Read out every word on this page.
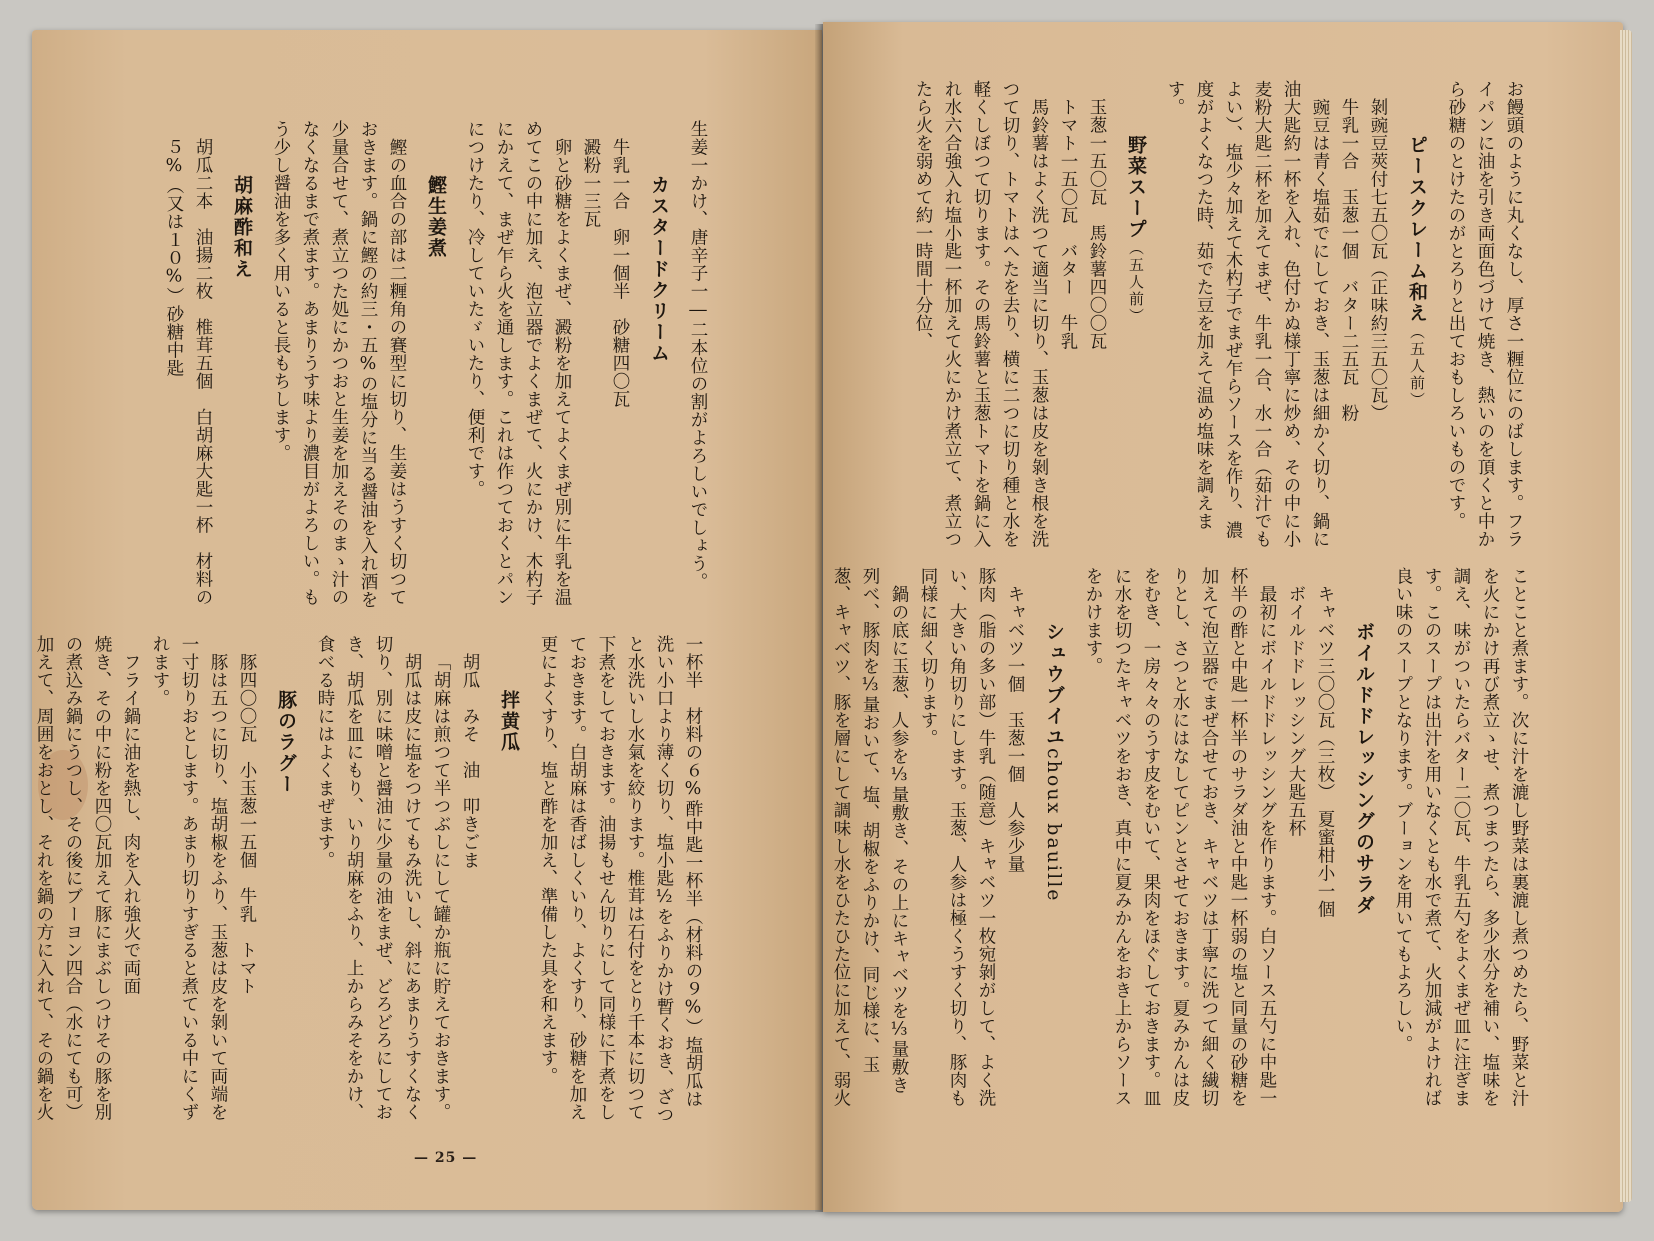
生姜一かけ、唐辛子一―二本位の割がよろしいでしょう。

カスタードクリーム

牛乳一合　卵一個半　砂糖四〇瓦

澱粉一三瓦

卵と砂糖をよくまぜ、澱粉を加えてよくまぜ別に牛乳を温めてこの中に加え、泡立器でよくまぜて、火にかけ、木杓子にかえて、まぜ乍ら火を通します。これは作つておくとパンにつけたり、冷していたゞいたり、便利です。

鰹生姜煮

鰹の血合の部は二糎角の賽型に切り、生姜はうすく切つておきます。鍋に鰹の約三・五%の塩分に当る醤油を入れ酒を少量合せて、煮立つた処にかつおと生姜を加えそのまゝ汁のなくなるまで煮ます。あまりうす味より濃目がよろしい。もう少し醤油を多く用いると長もちします。

胡麻酢和え

胡瓜二本　油揚二枚　椎茸五個　白胡麻大匙一杯　材料の５%（又は１０%）砂糖中匙

一杯半　材料の６%酢中匙一杯半（材料の９%）塩胡瓜は洗い小口より薄く切り、塩小匙½をふりかけ暫くおき、ざつと水洗いし水氣を絞ります。椎茸は石付をとり千本に切つて下煮をしておきます。油揚もせん切りにして同様に下煮をしておきます。白胡麻は香ばしくいり、よくすり、砂糖を加え更によくすり、塩と酢を加え、準備した具を和えます。

拌黄瓜

胡瓜　みそ　油　叩きごま

「胡麻は煎つて半つぶしにして罐か瓶に貯えておきます。

胡瓜は皮に塩をつけてもみ洗いし、斜にあまりうすくなく切り、別に味噌と醤油に少量の油をまぜ、どろどろにしておき、胡瓜を皿にもり、いり胡麻をふり、上からみそをかけ、食べる時にはよくまぜます。

豚のラグー

豚四〇〇瓦　小玉葱一五個　牛乳　トマト

豚は五つに切り、塩胡椒をふり、玉葱は皮を剝いて両端を一寸切りおとします。あまり切りすぎると煮ている中にくずれます。

フライ鍋に油を熱し、肉を入れ強火で両面

焼き、その中に粉を四〇瓦加えて豚にまぶしつけその豚を別の煮込み鍋にうつし、その後にブーヨン四合（水にても可）加えて、周囲をおとし、それを鍋の方に入れて、その鍋を火

— 25 —

お饅頭のように丸くなし、厚さ一糎位にのばします。フライパンに油を引き両面色づけて焼き、熱いのを頂くと中から砂糖のとけたのがとろりと出ておもしろいものです。

ピースクレーム和え（五人前）

剝豌豆莢付七五〇瓦（正味約三五〇瓦）

牛乳一合　玉葱一個　バター二五瓦　粉

豌豆は青く塩茹でにしておき、玉葱は細かく切り、鍋に油大匙約一杯を入れ、色付かぬ様丁寧に炒め、その中に小麦粉大匙二杯を加えてまぜ、牛乳一合、水一合（茹汁でもよい）、塩少々加えて木杓子でまぜ乍らソースを作り、濃度がよくなつた時、茹でた豆を加えて温め塩味を調えます。

野菜スープ（五人前）

玉葱一五〇瓦　馬鈴薯四〇〇瓦

トマト一五〇瓦　バター　牛乳

馬鈴薯はよく洗つて適当に切り、玉葱は皮を剝き根を洗つて切り、トマトはへたを去り、横に二つに切り種と水を軽くしぼつて切ります。その馬鈴薯と玉葱トマトを鍋に入れ水六合強入れ塩小匙一杯加えて火にかけ煮立て、煮立つたら火を弱めて約一時間十分位、

ことこと煮ます。次に汁を漉し野菜は裏漉し煮つめたら、野菜と汁を火にかけ再び煮立ゝせ、煮つまつたら、多少水分を補い、塩味を調え、味がついたらバター二〇瓦、牛乳五勺をよくまぜ皿に注ぎます。このスープは出汁を用いなくとも水で煮て、火加減がよければ良い味のスープとなります。ブーョンを用いてもよろしい。

ボイルドドレッシングのサラダ

キャベツ三〇〇瓦（三枚）　夏蜜柑小一個

ボイルドドレッシング大匙五杯

最初にボイルドドレッシングを作ります。白ソース五勺に中匙一杯半の酢と中匙一杯半のサラダ油と中匙一杯弱の塩と同量の砂糖を加えて泡立器でまぜ合せておき、キャベツは丁寧に洗つて細く繊切りとし、さつと水にはなしてピンとさせておきます。夏みかんは皮をむき、一房々々のうす皮をむいて、果肉をほぐしておきます。皿に水を切つたキャベツをおき、真中に夏みかんをおき上からソースをかけます。

シュウブイユchoux bauille

キャベツ一個　玉葱一個　人参少量

豚肉（脂の多い部）牛乳（随意）キャベツ一枚宛剝がして、よく洗い、大きい角切りにします。玉葱、人参は極くうすく切り、豚肉も同様に細く切ります。

鍋の底に玉葱、人参を⅓量敷き、その上にキャベツを⅓量敷き列べ、豚肉を⅓量おいて、塩、胡椒をふりかけ、同じ様に、玉葱、キャベツ、豚を層にして調味し水をひたひた位に加えて、弱火
